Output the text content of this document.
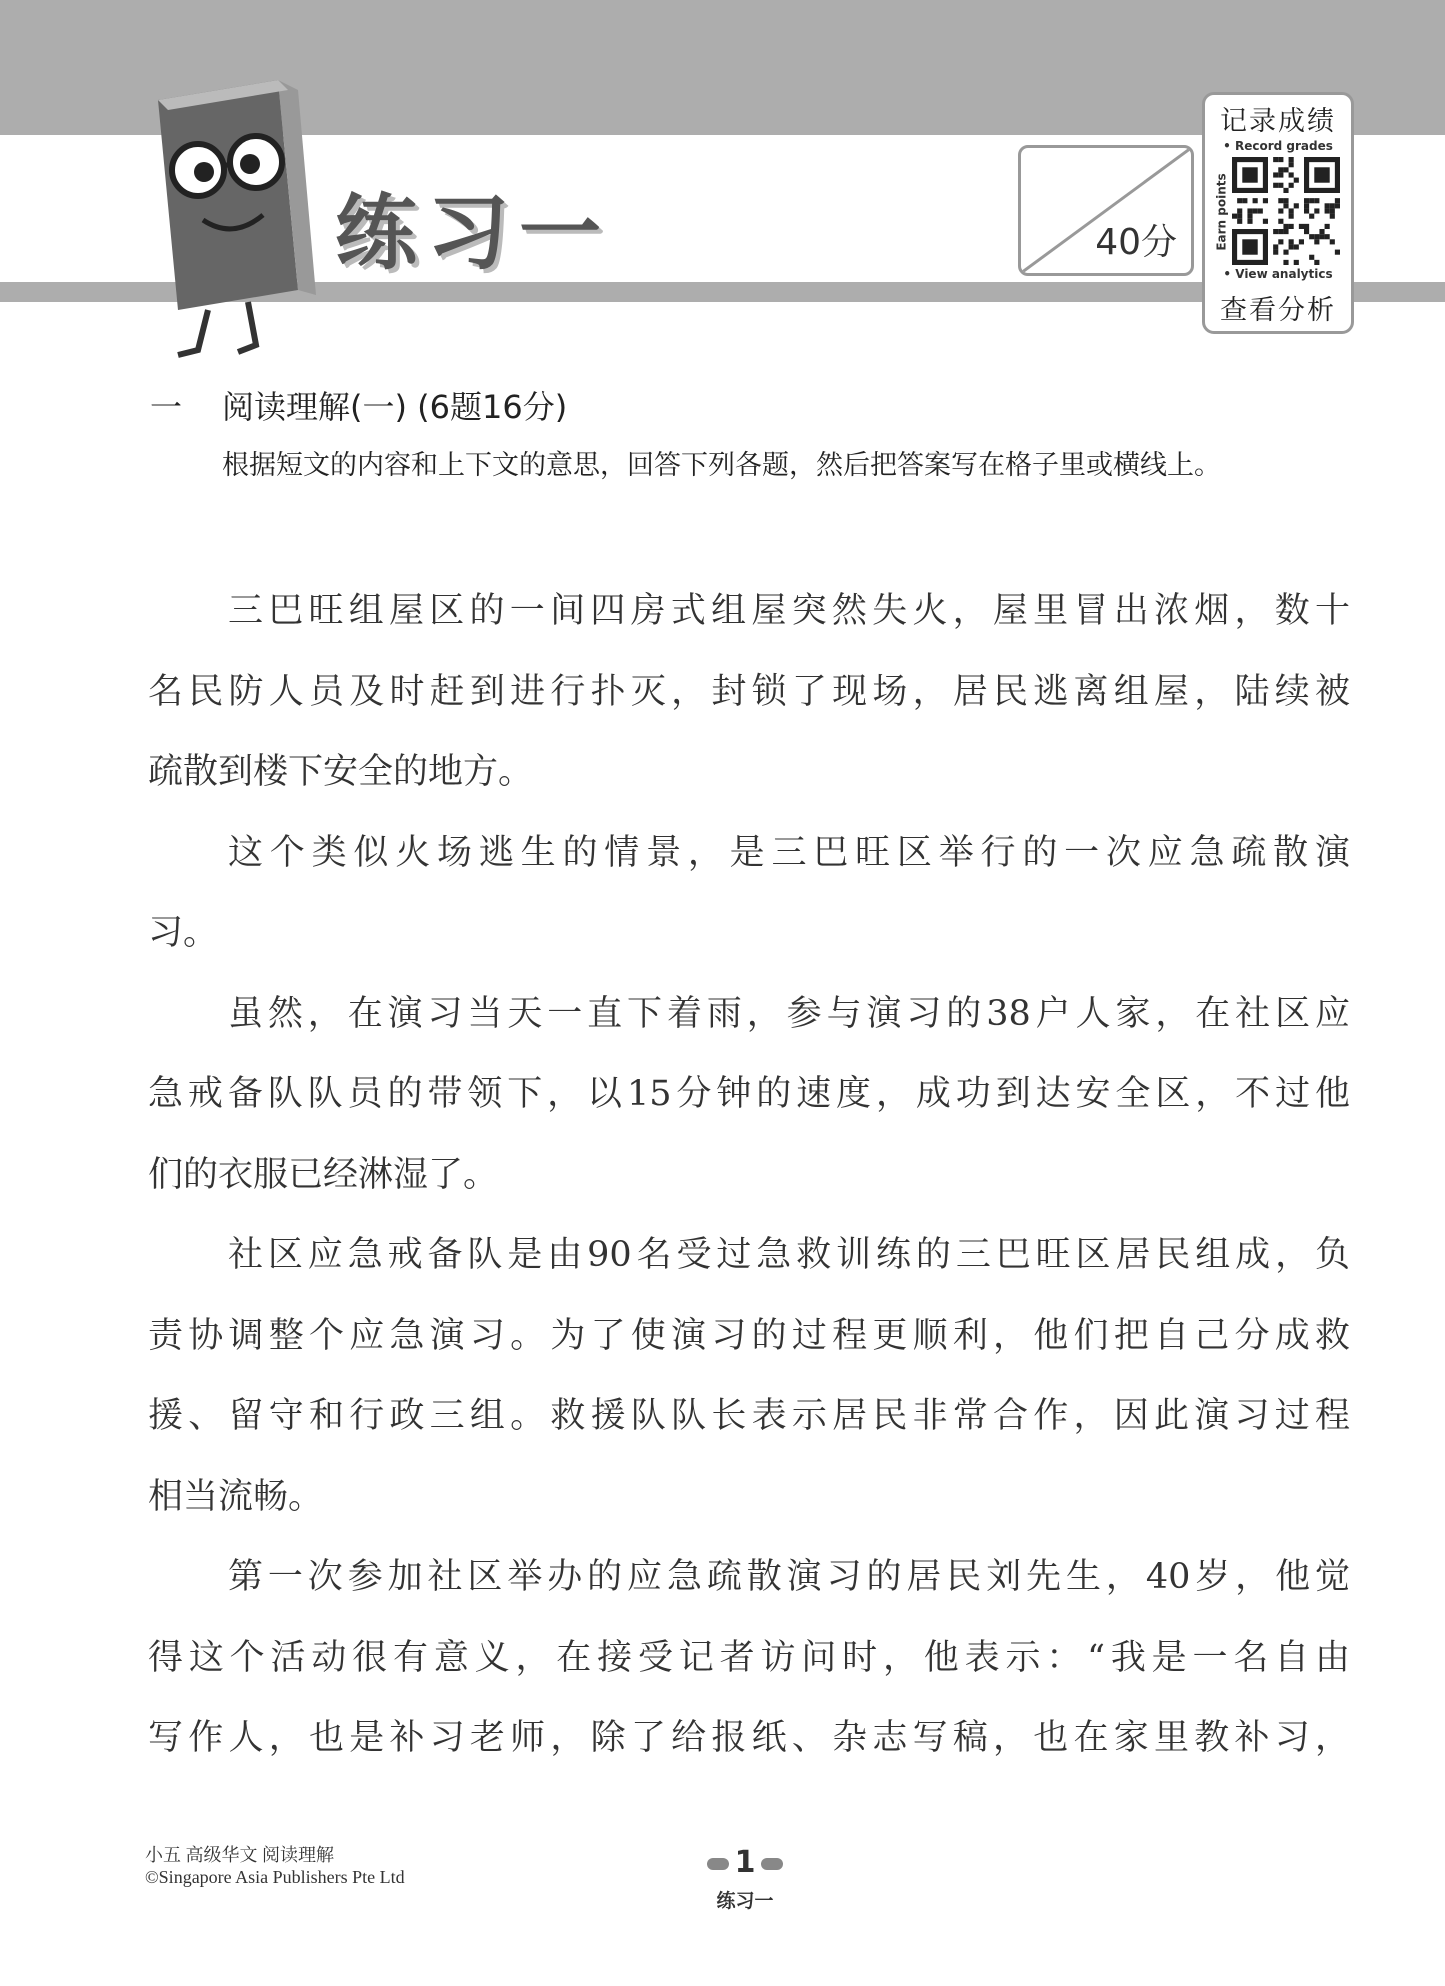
练习一	40分
记录成绩
• Record grades
Earn points
• View analytics
查看分析
一 阅读理解(一) (6题16分)
根据短文的内容和上下文的意思，回答下列各题，然后把答案写在格子里或横线上。
三巴旺组屋区的一间四房式组屋突然失火，屋里冒出浓烟，数十
名民防人员及时赶到进行扑灭，封锁了现场，居民逃离组屋，陆续被
疏散到楼下安全的地方。
这个类似火场逃生的情景，是三巴旺区举行的一次应急疏散演
习。
虽然，在演习当天一直下着雨，参与演习的38户人家，在社区应
急戒备队队员的带领下，以15分钟的速度，成功到达安全区，不过他
们的衣服已经淋湿了。
社区应急戒备队是由90名受过急救训练的三巴旺区居民组成，负
责协调整个应急演习。为了使演习的过程更顺利，他们把自己分成救
援、留守和行政三组。救援队队长表示居民非常合作，因此演习过程
相当流畅。
第一次参加社区举办的应急疏散演习的居民刘先生，40岁，他觉
得这个活动很有意义，在接受记者访问时，他表示：“我是一名自由
写作人，也是补习老师，除了给报纸、杂志写稿，也在家里教补习，
小五 高级华文 阅读理解
©Singapore Asia Publishers Pte Ltd	1
练习一
